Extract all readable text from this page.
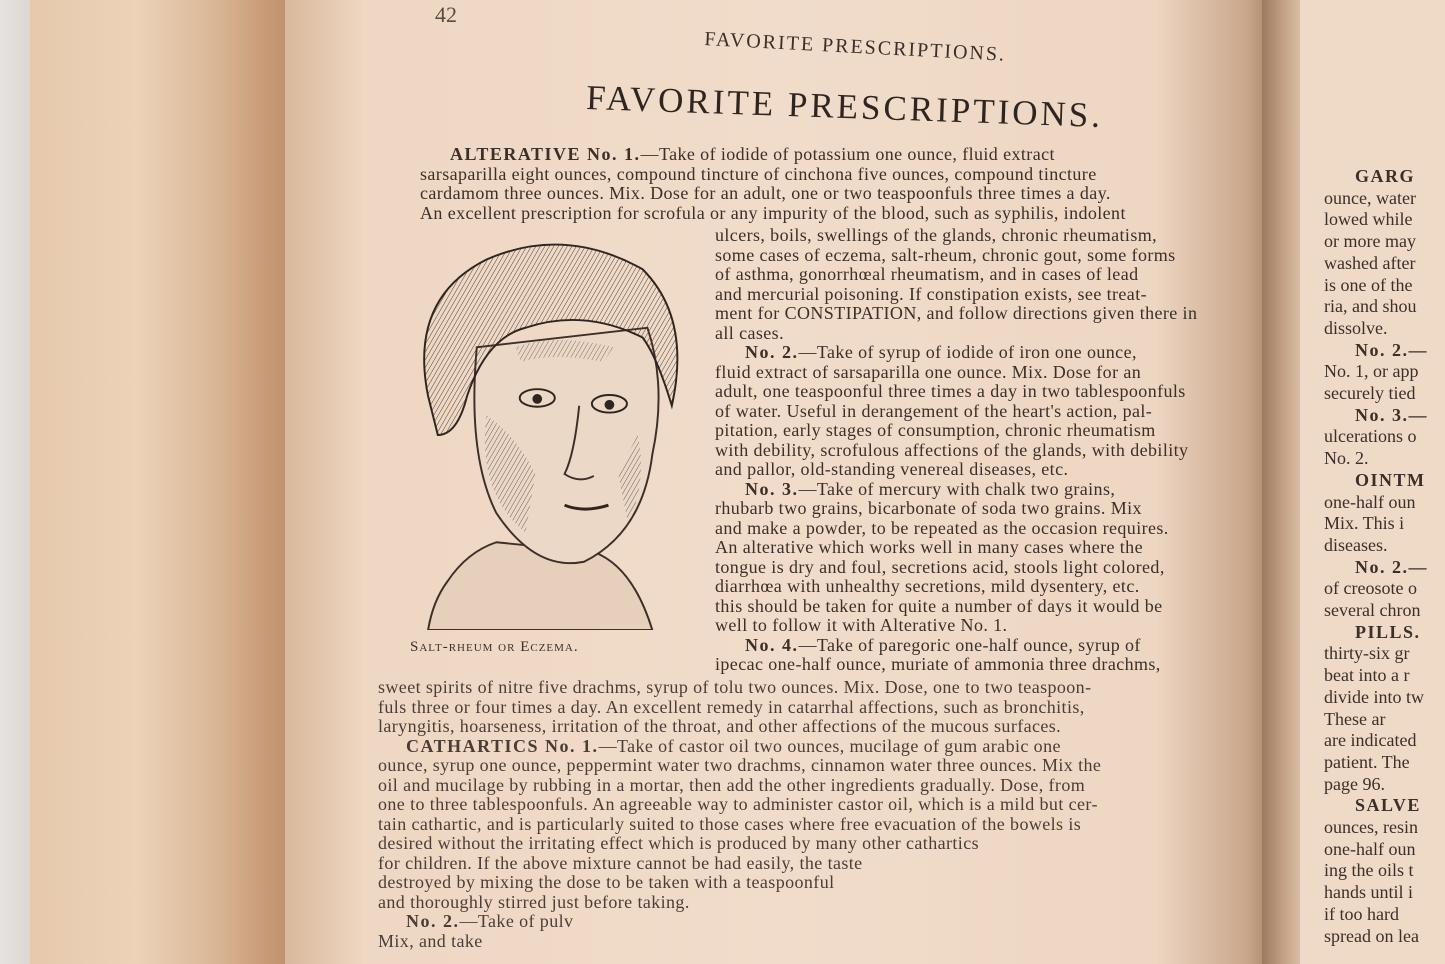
42
FAVORITE PRESCRIPTIONS.
FAVORITE PRESCRIPTIONS.
ALTERATIVE No. 1.—Take of iodide of potassium one ounce, fluid extract
sarsaparilla eight ounces, compound tincture of cinchona five ounces, compound tincture
cardamom three ounces. Mix. Dose for an adult, one or two teaspoonfuls three times a day.
An excellent prescription for scrofula or any impurity of the blood, such as syphilis, indolent
ulcers, boils, swellings of the glands, chronic rheumatism,
some cases of eczema, salt-rheum, chronic gout, some forms
of asthma, gonorrhœal rheumatism, and in cases of lead
and mercurial poisoning. If constipation exists, see treat-
ment for CONSTIPATION, and follow directions given there in
all cases.
No. 2.—Take of syrup of iodide of iron one ounce,
fluid extract of sarsaparilla one ounce. Mix. Dose for an
adult, one teaspoonful three times a day in two tablespoonfuls
of water. Useful in derangement of the heart's action, pal-
pitation, early stages of consumption, chronic rheumatism
with debility, scrofulous affections of the glands, with debility
and pallor, old-standing venereal diseases, etc.
No. 3.—Take of mercury with chalk two grains,
rhubarb two grains, bicarbonate of soda two grains. Mix
and make a powder, to be repeated as the occasion requires.
An alterative which works well in many cases where the
tongue is dry and foul, secretions acid, stools light colored,
diarrhœa with unhealthy secretions, mild dysentery, etc.
this should be taken for quite a number of days it would be
well to follow it with Alterative No. 1.
No. 4.—Take of paregoric one-half ounce, syrup of
ipecac one-half ounce, muriate of ammonia three drachms,
sweet spirits of nitre five drachms, syrup of tolu two ounces. Mix. Dose, one to two teaspoon-
fuls three or four times a day. An excellent remedy in catarrhal affections, such as bronchitis,
laryngitis, hoarseness, irritation of the throat, and other affections of the mucous surfaces.
CATHARTICS No. 1.—Take of castor oil two ounces, mucilage of gum arabic one
ounce, syrup one ounce, peppermint water two drachms, cinnamon water three ounces. Mix the
oil and mucilage by rubbing in a mortar, then add the other ingredients gradually. Dose, from
one to three tablespoonfuls. An agreeable way to administer castor oil, which is a mild but cer-
tain cathartic, and is particularly suited to those cases where free evacuation of the bowels is
desired without the irritating effect which is produced by many other cathartics
for children. If the above mixture cannot be had easily, the taste
destroyed by mixing the dose to be taken with a teaspoonful
and thoroughly stirred just before taking.
No. 2.—Take of pulv
Mix, and take
Salt-rheum or Eczema.
GARG
ounce, water
lowed while
or more may
washed after
is one of the
ria, and shou
dissolve.
No. 2.—
No. 1, or app
securely tied
No. 3.—
ulcerations o
No. 2.
OINTM
one-half oun
Mix. This i
diseases.
No. 2.—
of creosote o
several chron
PILLS.
thirty-six gr
beat into a r
divide into tw
These ar
are indicated
patient. The
page 96.
SALVE
ounces, resin
one-half oun
ing the oils t
hands until i
if too hard
spread on lea
